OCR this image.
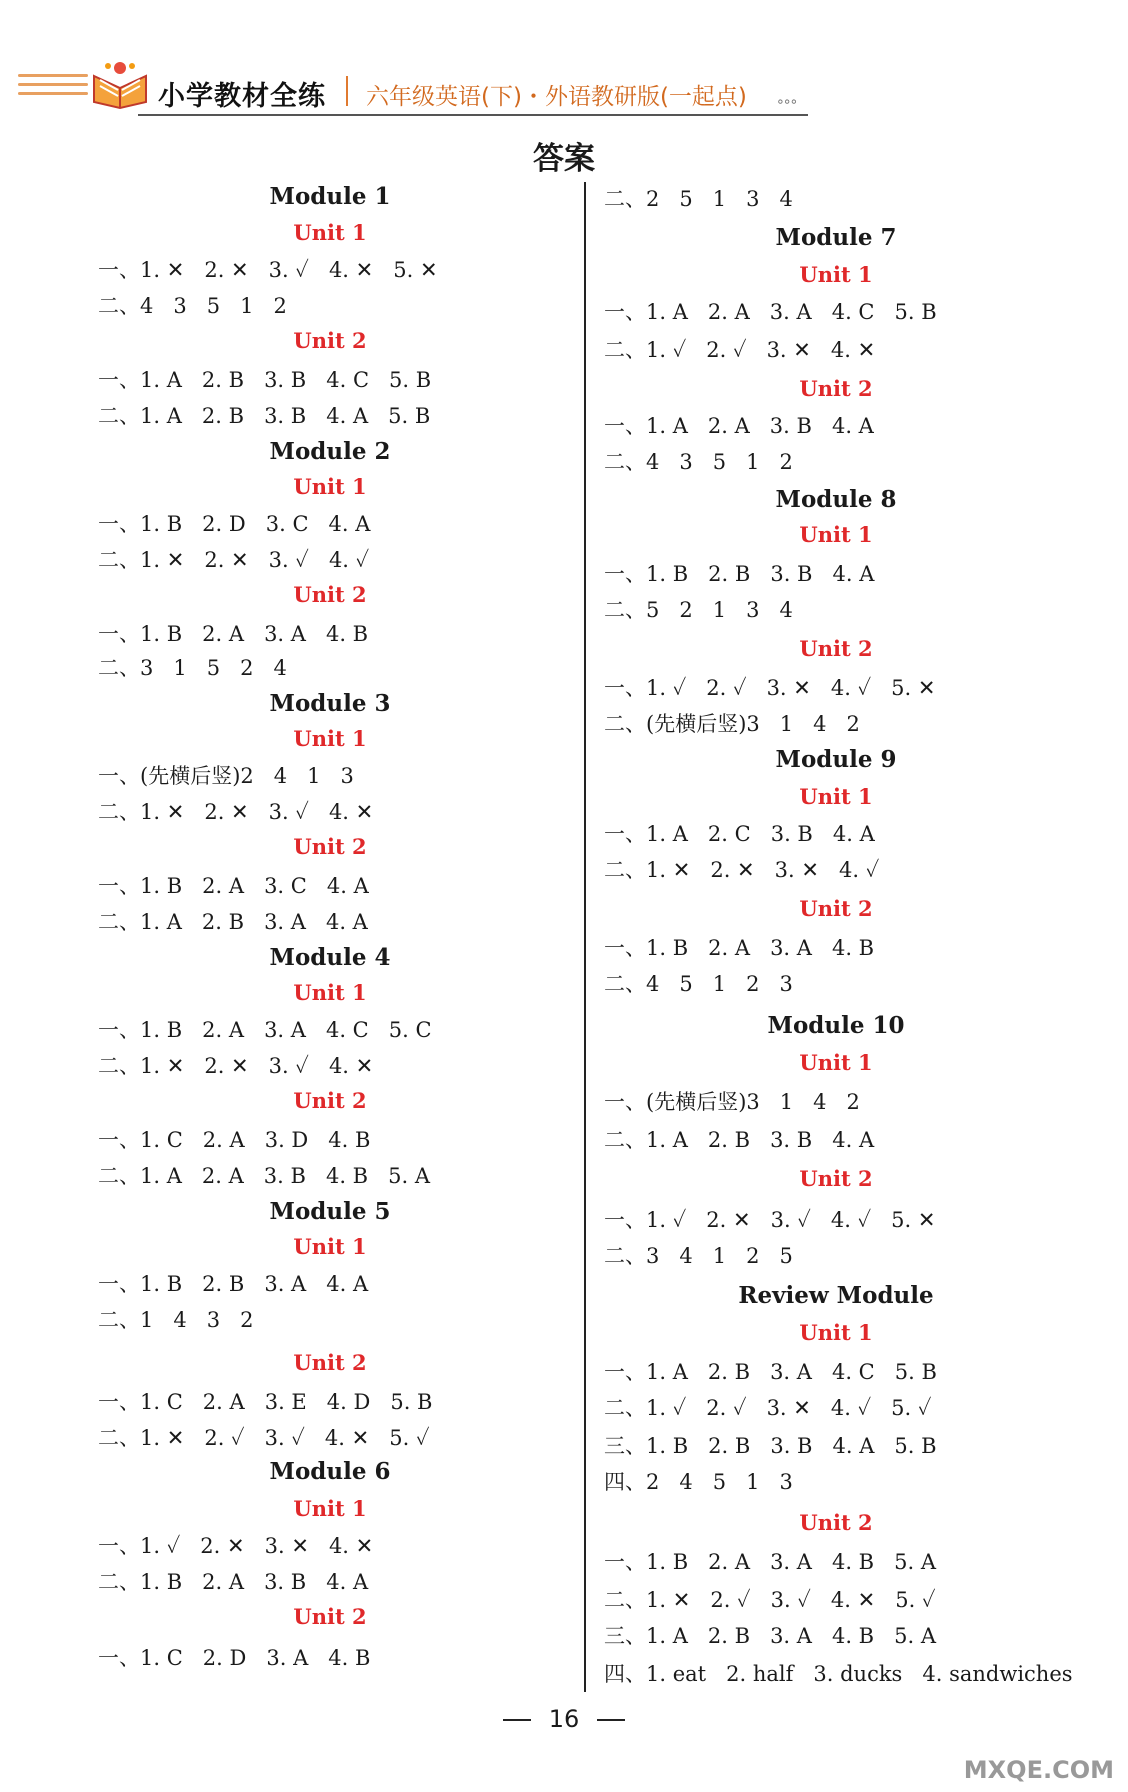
小学教材全练 六年级英语(下)・外语教研版(一起点) ∘∘∘
答案
Module 1
Unit 1
一、1. ✕   2. ✕   3. ✓   4. ✕   5. ✕
二、4   3   5   1   2
Unit 2
一、1. A   2. B   3. B   4. C   5. B
二、1. A   2. B   3. B   4. A   5. B
Module 2
Unit 1
一、1. B   2. D   3. C   4. A
二、1. ✕   2. ✕   3. ✓   4. ✓
Unit 2
一、1. B   2. A   3. A   4. B
二、3   1   5   2   4
Module 3
Unit 1
一、(先横后竖)2   4   1   3
二、1. ✕   2. ✕   3. ✓   4. ✕
Unit 2
一、1. B   2. A   3. C   4. A
二、1. A   2. B   3. A   4. A
Module 4
Unit 1
一、1. B   2. A   3. A   4. C   5. C
二、1. ✕   2. ✕   3. ✓   4. ✕
Unit 2
一、1. C   2. A   3. D   4. B
二、1. A   2. A   3. B   4. B   5. A
Module 5
Unit 1
一、1. B   2. B   3. A   4. A
二、1   4   3   2
Unit 2
一、1. C   2. A   3. E   4. D   5. B
二、1. ✕   2. ✓   3. ✓   4. ✕   5. ✓
Module 6
Unit 1
一、1. ✓   2. ✕   3. ✕   4. ✕
二、1. B   2. A   3. B   4. A
Unit 2
一、1. C   2. D   3. A   4. B
二、2   5   1   3   4
Module 7
Unit 1
一、1. A   2. A   3. A   4. C   5. B
二、1. ✓   2. ✓   3. ✕   4. ✕
Unit 2
一、1. A   2. A   3. B   4. A
二、4   3   5   1   2
Module 8
Unit 1
一、1. B   2. B   3. B   4. A
二、5   2   1   3   4
Unit 2
一、1. ✓   2. ✓   3. ✕   4. ✓   5. ✕
二、(先横后竖)3   1   4   2
Module 9
Unit 1
一、1. A   2. C   3. B   4. A
二、1. ✕   2. ✕   3. ✕   4. ✓
Unit 2
一、1. B   2. A   3. A   4. B
二、4   5   1   2   3
Module 10
Unit 1
一、(先横后竖)3   1   4   2
二、1. A   2. B   3. B   4. A
Unit 2
一、1. ✓   2. ✕   3. ✓   4. ✓   5. ✕
二、3   4   1   2   5
Review Module
Unit 1
一、1. A   2. B   3. A   4. C   5. B
二、1. ✓   2. ✓   3. ✕   4. ✓   5. ✓
三、1. B   2. B   3. B   4. A   5. B
四、2   4   5   1   3
Unit 2
一、1. B   2. A   3. A   4. B   5. A
二、1. ✕   2. ✓   3. ✓   4. ✕   5. ✓
三、1. A   2. B   3. A   4. B   5. A
四、1. eat   2. half   3. ducks   4. sandwiches
16
MXQE.COM
